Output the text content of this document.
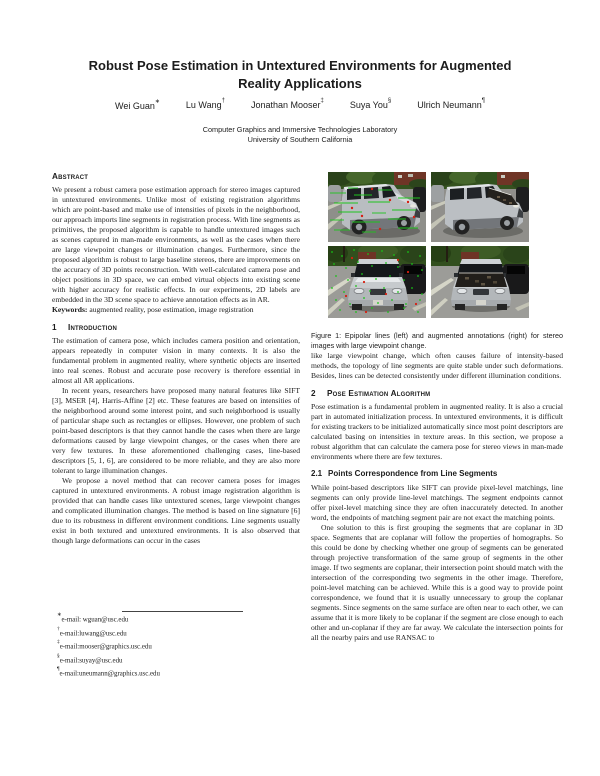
Robust Pose Estimation in Untextured Environments for Augmented Reality Applications
Wei Guan∗	Lu Wang†	Jonathan Mooser‡	Suya You§	Ulrich Neumann¶
Computer Graphics and Immersive Technologies Laboratory
University of Southern California
Abstract

We present a robust camera pose estimation approach for stereo images captured in untextured environments. Unlike most of existing registration algorithms which are point-based and make use of intensities of pixels in the neighborhood, our approach imports line segments in registration process. With line segments as primitives, the proposed algorithm is capable to handle untextured images such as scenes captured in man-made environments, as well as the cases when there are large viewpoint changes or illumination changes. Furthermore, since the proposed algorithm is robust to large baseline stereos, there are improvements on the accuracy of 3D points reconstruction. With well-calculated camera pose and object positions in 3D space, we can embed virtual objects into existing scene with higher accuracy for realistic effects. In our experiments, 2D labels are embedded in the 3D scene space to achieve annotation effects as in AR.

Keywords: augmented reality, pose estimation, image registration

1	Introduction

The estimation of camera pose, which includes camera position and orientation, appears repeatedly in computer vision in many contexts. It is also the fundamental problem in augmented reality, where synthetic objects are inserted into real scenes. Robust and accurate pose recovery is therefore essential in almost all AR applications.

In recent years, researchers have proposed many natural features like SIFT [3], MSER [4], Harris-Affine [2] etc. These features are based on intensities of the neighborhood around some interest point, and such neighborhood is usually of particular shape such as rectangles or ellipses. However, one problem of such point-based descriptors is that they cannot handle the cases when there are large deformations caused by large viewpoint changes, or the cases when there are very few textures. In these aforementioned challenging cases, line-based descriptors [5, 1, 6], are considered to be more reliable, and they are also more tolerant to large illumination changes.

We propose a novel method that can recover camera poses for images captured in untextured environments. A robust image registration algorithm is provided that can handle cases like untextured scenes, large viewpoint changes and complicated illumination changes. The method is based on line signature [6] due to its robustness in different environment conditions. Line segments usually exist in both textured and untextured environments. It is also observed that though large deformations can occur in the cases

Figure 1: Epipolar lines (left) and augmented annotations (right) for stereo images with large viewpoint change.

like large viewpoint change, which often causes failure of intensity-based methods, the topology of line segments are quite stable under such deformations. Besides, lines can be detected consistently under different illumination conditions.

2	Pose Estimation Algorithm

Pose estimation is a fundamental problem in augmented reality. It is also a crucial part in automated initialization process. In untextured environments, it is difficult for existing trackers to be initialized automatically since most point descriptors are calculated basing on intensities in texture areas. In this section, we propose a robust algorithm that can calculate the camera pose for stereo views in man-made environments where there are few textures.

2.1 Points Correspondence from Line Segments

While point-based descriptors like SIFT can provide pixel-level matchings, line segments can only provide line-level matchings. The segment endpoints cannot offer pixel-level matching since they are often inaccurately detected. In another word, the endpoints of matching segment pair are not exact the matching points.

One solution to this is first grouping the segments that are coplanar in 3D space. Segments that are coplanar will follow the properties of homographs. So this could be done by checking whether one group of segments can be generated through projective transformation of the same group of segments in the other image. If two segments are coplanar, their intersection point should match with the intersection of the corresponding two segments in the other image. Therefore, point-level matching can be achieved. While this is a good way to provide point correspondence, we found that it is usually unnecessary to group the coplanar segments. Since segments on the same surface are often near to each other, we can assume that it is more likely to be coplanar if the segment are close enough to each other and un-coplanar if they are far away. We calculate the intersection points for all the nearby pairs and use RANSAC to

∗e-mail: wguan@usc.edu
†e-mail:luwang@usc.edu
‡e-mail:mooser@graphics.usc.edu
§e-mail:suyay@usc.edu
¶e-mail:uneumann@graphics.usc.edu
